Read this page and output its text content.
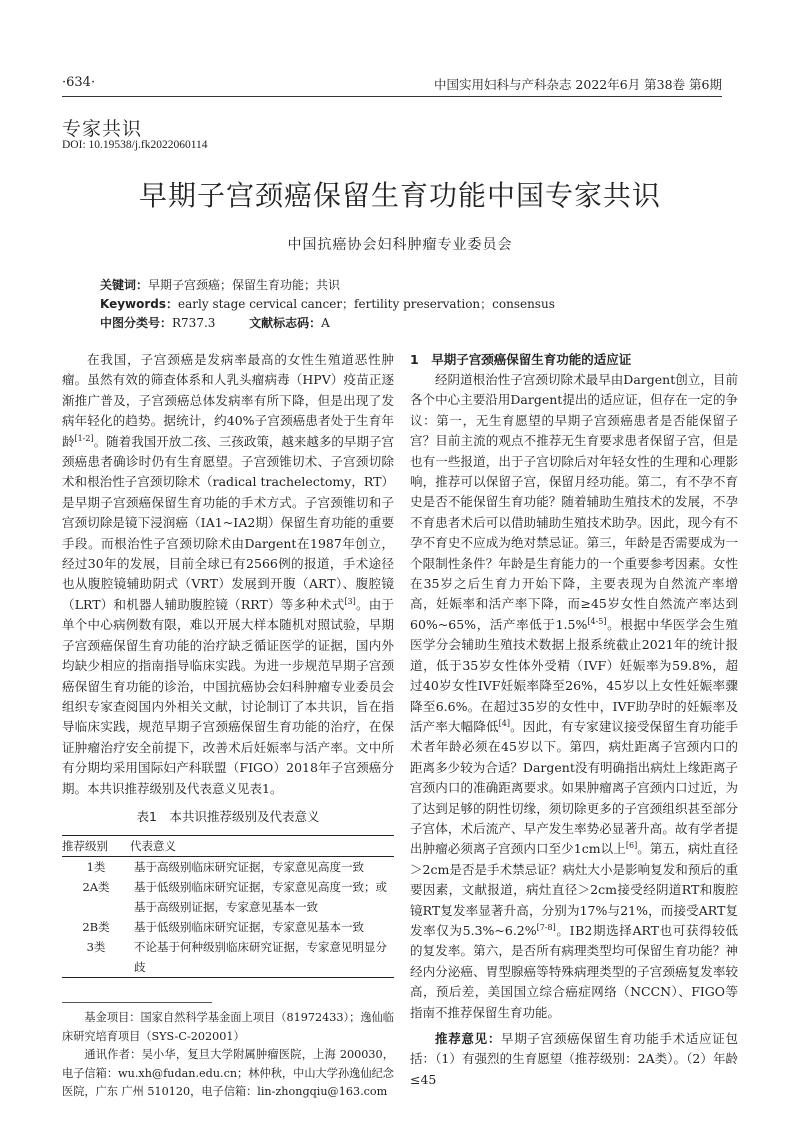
·634·	中国实用妇科与产科杂志 2022年6月 第38卷 第6期
专家共识
DOI: 10.19538/j.fk2022060114
早期子宫颈癌保留生育功能中国专家共识
中国抗癌协会妇科肿瘤专业委员会
关键词：早期子宫颈癌；保留生育功能；共识
Keywords：early stage cervical cancer；fertility preservation；consensus
中图分类号：R737.3	文献标志码：A

在我国，子宫颈癌是发病率最高的女性生殖道恶性肿瘤。虽然有效的筛查体系和人乳头瘤病毒（HPV）疫苗正逐渐推广普及，子宫颈癌总体发病率有所下降，但是出现了发病年轻化的趋势。据统计，约40%子宫颈癌患者处于生育年龄[1-2]。随着我国开放二孩、三孩政策，越来越多的早期子宫颈癌患者确诊时仍有生育愿望。子宫颈锥切术、子宫颈切除术和根治性子宫颈切除术（radical trachelectomy，RT）是早期子宫颈癌保留生育功能的手术方式。子宫颈锥切和子宫颈切除是镜下浸润癌（ⅠA1~ⅠA2期）保留生育功能的重要手段。而根治性子宫颈切除术由Dargent在1987年创立，经过30年的发展，目前全球已有2566例的报道，手术途径也从腹腔镜辅助阴式（VRT）发展到开腹（ART）、腹腔镜（LRT）和机器人辅助腹腔镜（RRT）等多种术式[3]。由于单个中心病例数有限，难以开展大样本随机对照试验，早期子宫颈癌保留生育功能的治疗缺乏循证医学的证据，国内外均缺少相应的指南指导临床实践。为进一步规范早期子宫颈癌保留生育功能的诊治，中国抗癌协会妇科肿瘤专业委员会组织专家查阅国内外相关文献，讨论制订了本共识，旨在指导临床实践，规范早期子宫颈癌保留生育功能的治疗，在保证肿瘤治疗安全前提下，改善术后妊娠率与活产率。文中所有分期均采用国际妇产科联盟（FIGO）2018年子宫颈癌分期。本共识推荐级别及代表意义见表1。

表1　本共识推荐级别及代表意义
推荐级别	代表意义
1类	基于高级别临床研究证据，专家意见高度一致
2A类	基于低级别临床研究证据，专家意见高度一致；或基于高级别证据，专家意见基本一致
2B类	基于低级别临床研究证据，专家意见基本一致
3类	不论基于何种级别临床研究证据，专家意见明显分歧

基金项目：国家自然科学基金面上项目（81972433）；逸仙临床研究培育项目（SYS-C-202001）

通讯作者：吴小华，复旦大学附属肿瘤医院，上海 200030，电子信箱：wu.xh@fudan.edu.cn；林仲秋，中山大学孙逸仙纪念医院，广东 广州 510120，电子信箱：lin-zhongqiu@163.com

1　早期子宫颈癌保留生育功能的适应证

经阴道根治性子宫颈切除术最早由Dargent创立，目前各个中心主要沿用Dargent提出的适应证，但存在一定的争议：第一，无生育愿望的早期子宫颈癌患者是否能保留子宫？目前主流的观点不推荐无生育要求患者保留子宫，但是也有一些报道，出于子宫切除后对年轻女性的生理和心理影响，推荐可以保留子宫，保留月经功能。第二，有不孕不育史是否不能保留生育功能？随着辅助生殖技术的发展，不孕不育患者术后可以借助辅助生殖技术助孕。因此，现今有不孕不育史不应成为绝对禁忌证。第三，年龄是否需要成为一个限制性条件？年龄是生育能力的一个重要参考因素。女性在35岁之后生育力开始下降，主要表现为自然流产率增高，妊娠率和活产率下降，而≥45岁女性自然流产率达到60%~65%，活产率低于1.5%[4-5]。根据中华医学会生殖医学分会辅助生殖技术数据上报系统截止2021年的统计报道，低于35岁女性体外受精（IVF）妊娠率为59.8%，超过40岁女性IVF妊娠率降至26%，45岁以上女性妊娠率骤降至6.6%。在超过35岁的女性中，IVF助孕时的妊娠率及活产率大幅降低[4]。因此，有专家建议接受保留生育功能手术者年龄必须在45岁以下。第四，病灶距离子宫颈内口的距离多少较为合适？Dargent没有明确指出病灶上缘距离子宫颈内口的准确距离要求。如果肿瘤离子宫颈内口过近，为了达到足够的阴性切缘，须切除更多的子宫颈组织甚至部分子宫体，术后流产、早产发生率势必显著升高。故有学者提出肿瘤必须离子宫颈内口至少1cm以上[6]。第五，病灶直径＞2cm是否是手术禁忌证？病灶大小是影响复发和预后的重要因素，文献报道，病灶直径＞2cm接受经阴道RT和腹腔镜RT复发率显著升高，分别为17%与21%，而接受ART复发率仅为5.3%~6.2%[7-8]。ⅠB2期选择ART也可获得较低的复发率。第六，是否所有病理类型均可保留生育功能？神经内分泌癌、胃型腺癌等特殊病理类型的子宫颈癌复发率较高，预后差，美国国立综合癌症网络（NCCN）、FIGO等指南不推荐保留生育功能。

推荐意见：早期子宫颈癌保留生育功能手术适应证包括：（1）有强烈的生育愿望（推荐级别：2A类）。（2）年龄≤45
